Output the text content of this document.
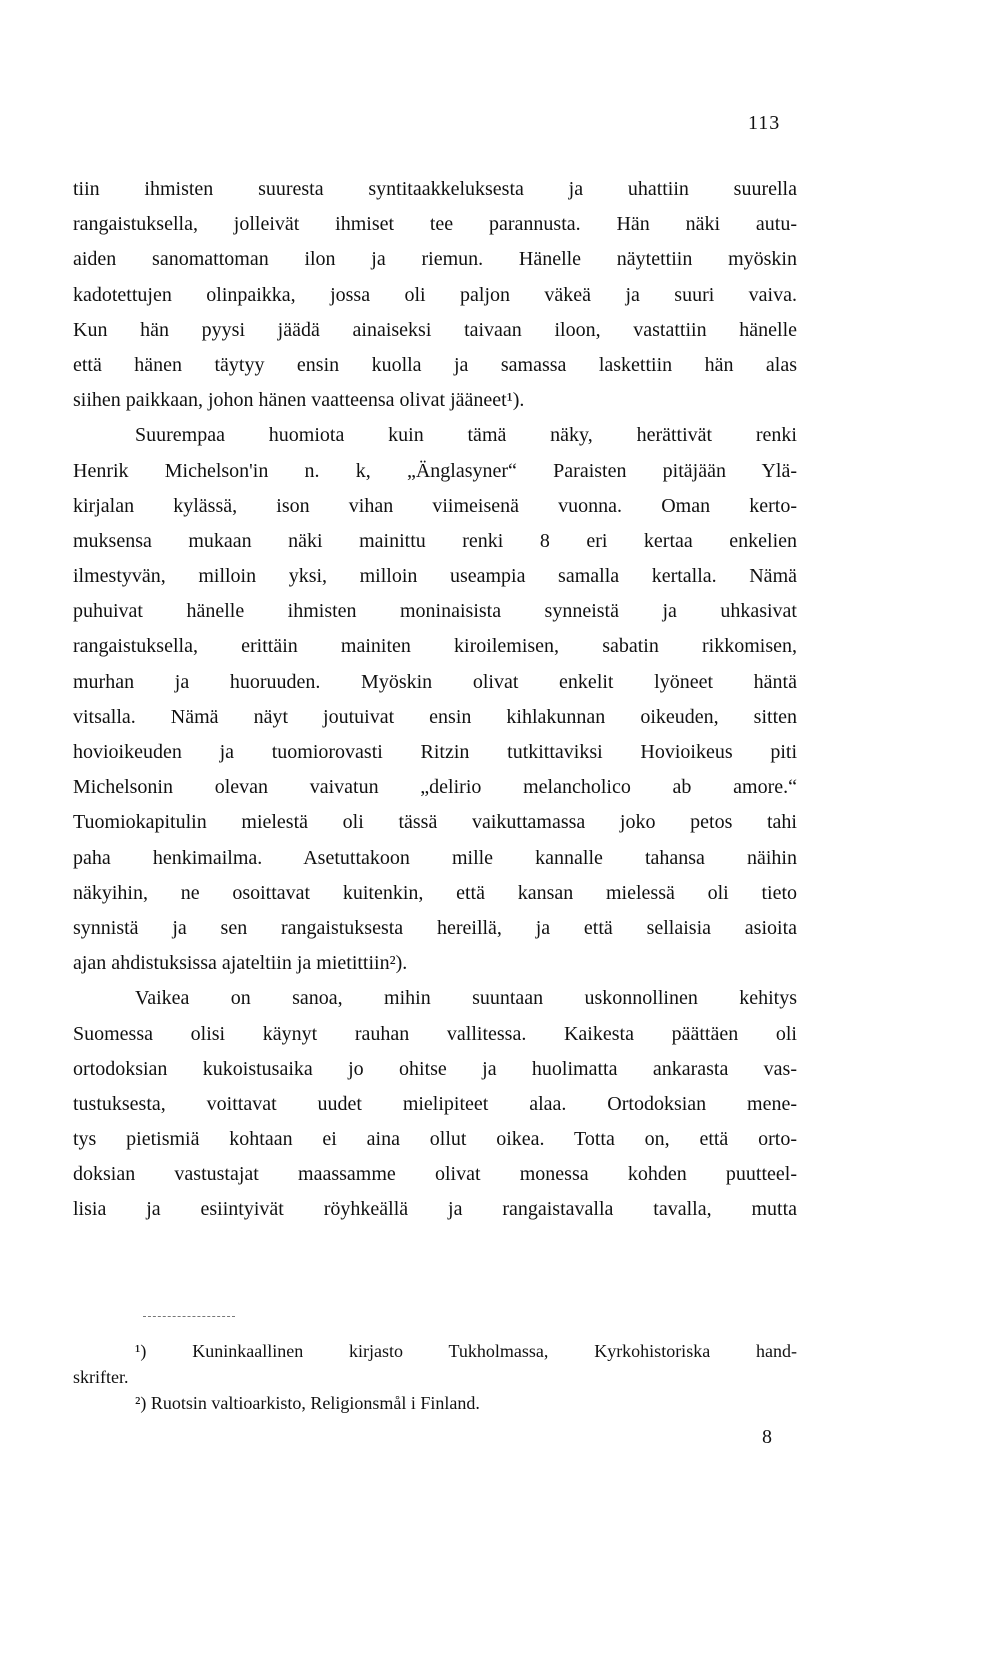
113
tiin ihmisten suuresta syntitaakkeluksesta ja uhattiin suurella
rangaistuksella, jolleivät ihmiset tee parannusta. Hän näki autu-
aiden sanomattoman ilon ja riemun. Hänelle näytettiin myöskin
kadotettujen olinpaikka, jossa oli paljon väkeä ja suuri vaiva.
Kun hän pyysi jäädä ainaiseksi taivaan iloon, vastattiin hänelle
että hänen täytyy ensin kuolla ja samassa laskettiin hän alas
siihen paikkaan, johon hänen vaatteensa olivat jääneet¹).
Suurempaa huomiota kuin tämä näky, herättivät renki
Henrik Michelson'in n. k, „Änglasyner“ Paraisten pitäjään Ylä-
kirjalan kylässä, ison vihan viimeisenä vuonna. Oman kerto-
muksensa mukaan näki mainittu renki 8 eri kertaa enkelien
ilmestyvän, milloin yksi, milloin useampia samalla kertalla. Nämä
puhuivat hänelle ihmisten moninaisista synneistä ja uhkasivat
rangaistuksella, erittäin mainiten kiroilemisen, sabatin rikkomisen,
murhan ja huoruuden. Myöskin olivat enkelit lyöneet häntä
vitsalla. Nämä näyt joutuivat ensin kihlakunnan oikeuden, sitten
hovioikeuden ja tuomiorovasti Ritzin tutkittaviksi Hovioikeus piti
Michelsonin olevan vaivatun „delirio melancholico ab amore.“
Tuomiokapitulin mielestä oli tässä vaikuttamassa joko petos tahi
paha henkimailma. Asetuttakoon mille kannalle tahansa näihin
näkyihin, ne osoittavat kuitenkin, että kansan mielessä oli tieto
synnistä ja sen rangaistuksesta hereillä, ja että sellaisia asioita
ajan ahdistuksissa ajateltiin ja mietittiin²).
Vaikea on sanoa, mihin suuntaan uskonnollinen kehitys
Suomessa olisi käynyt rauhan vallitessa. Kaikesta päättäen oli
ortodoksian kukoistusaika jo ohitse ja huolimatta ankarasta vas-
tustuksesta, voittavat uudet mielipiteet alaa. Ortodoksian mene-
tys pietismiä kohtaan ei aina ollut oikea. Totta on, että orto-
doksian vastustajat maassamme olivat monessa kohden puutteel-
lisia ja esiintyivät röyhkeällä ja rangaistavalla tavalla, mutta
¹) Kuninkaallinen kirjasto Tukholmassa, Kyrkohistoriska hand-
skrifter.
²) Ruotsin valtioarkisto, Religionsmål i Finland.
8
